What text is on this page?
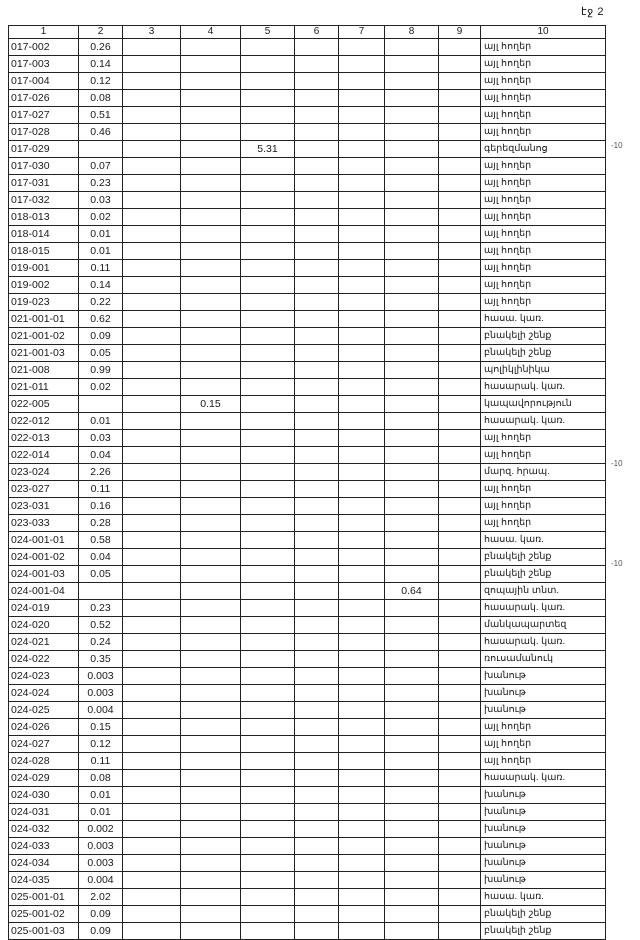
էջ 2
-10
-10
-10
1	2	3	4	5	6	7	8	9	10
017-002	0.26								այլ հողեր
017-003	0.14								այլ հողեր
017-004	0.12								այլ հողեր
017-026	0.08								այլ հողեր
017-027	0.51								այլ հողեր
017-028	0.46								այլ հողեր
017-029				5.31					գերեզմանոց
017-030	0.07								այլ հողեր
017-031	0.23								այլ հողեր
017-032	0.03								այլ հողեր
018-013	0.02								այլ հողեր
018-014	0.01								այլ հողեր
018-015	0.01								այլ հողեր
019-001	0.11								այլ հողեր
019-002	0.14								այլ հողեր
019-023	0.22								այլ հողեր
021-001-01	0.62								հասա. կառ.
021-001-02	0.09								բնակելի շենք
021-001-03	0.05								բնակելի շենք
021-008	0.99								պոլիկլինիկա
021-011	0.02								հասարակ. կառ.
022-005			0.15						կապավորություն
022-012	0.01								հասարակ. կառ.
022-013	0.03								այլ հողեր
022-014	0.04								այլ հողեր
023-024	2.26								մարզ. հրապ.
023-027	0.11								այլ հողեր
023-031	0.16								այլ հողեր
023-033	0.28								այլ հողեր
024-001-01	0.58								հասա. կառ.
024-001-02	0.04								բնակելի շենք
024-001-03	0.05								բնակելի շենք
024-001-04							0.64		զոպային տնտ.
024-019	0.23								հասարակ. կառ.
024-020	0.52								մանկապարտեզ
024-021	0.24								հասարակ. կառ.
024-022	0.35								ռուսամանուկ
024-023	0.003								խանութ
024-024	0.003								խանութ
024-025	0.004								խանութ
024-026	0.15								այլ հողեր
024-027	0.12								այլ հողեր
024-028	0.11								այլ հողեր
024-029	0.08								հասարակ. կառ.
024-030	0.01								խանութ
024-031	0.01								խանութ
024-032	0.002								խանութ
024-033	0.003								խանութ
024-034	0.003								խանութ
024-035	0.004								խանութ
025-001-01	2.02								հասա. կառ.
025-001-02	0.09								բնակելի շենք
025-001-03	0.09								բնակելի շենք
